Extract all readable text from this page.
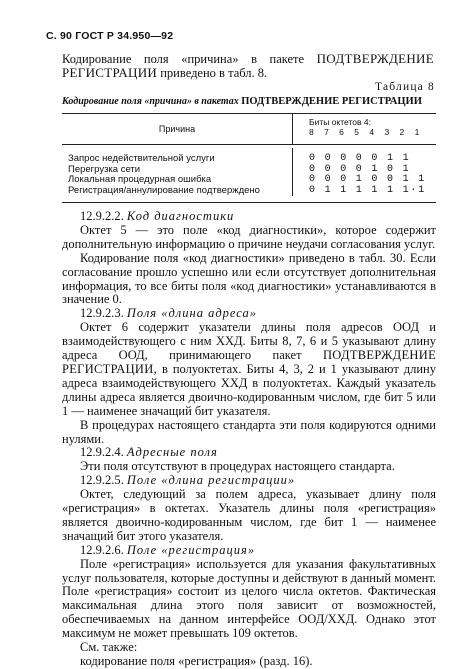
С. 90 ГОСТ Р 34.950—92
Кодирование поля «причина» в пакете ПОДТВЕРЖДЕНИЕ РЕГИСТРАЦИИ приведено в табл. 8.
Таблица 8
Кодирование поля «причина» в пакетах ПОДТВЕРЖДЕНИЕ РЕГИСТРАЦИИ
Причина
Биты октетов 4:
8 7 6 5 4 3 2 1
Запрос недействительной услуги
Перегрузка сети
Локальная процедурная ошибка
Регистрация/аннулирование подтверждено
0 0 0 0 0 1 1
0 0 0 0 1 0 1
0 0 0 1 0 0 1 1
0 1 1 1 1 1 1·1

12.9.2.2. Код диагностики

Октет 5 — это поле «код диагностики», которое содержит дополнительную информацию о причине неудачи согласования услуг.

Кодирование поля «код диагностики» приведено в табл. 30. Если согласование прошло успешно или если отсутствует дополнительная информация, то все биты поля «код диагностики» устанавливаются в значение 0.

12.9.2.3. Поля «длина адреса»

Октет 6 содержит указатели длины поля адресов ООД и взаимодействующего с ним ХХД. Биты 8, 7, 6 и 5 указывают длину адреса ООД, принимающего пакет ПОДТВЕРЖДЕНИЕ РЕГИСТРАЦИИ, в полуоктетах. Биты 4, 3, 2 и 1 указывают длину адреса взаимодействующего ХХД в полуоктетах. Каждый указатель длины адреса является двоично-кодированным числом, где бит 5 или 1 — наименее значащий бит указателя.

В процедурах настоящего стандарта эти поля кодируются одними нулями.

12.9.2.4. Адресные поля

Эти поля отсутствуют в процедурах настоящего стандарта.

12.9.2.5. Поле «длина регистрации»

Октет, следующий за полем адреса, указывает длину поля «регистрация» в октетах. Указатель длины поля «регистрация» является двоично-кодированным числом, где бит 1 — наименее значащий бит этого указателя.

12.9.2.6. Поле «регистрация»

Поле «регистрация» используется для указания факультативных услуг пользователя, которые доступны и действуют в данный момент. Поле «регистрация» состоит из целого числа октетов. Фактическая максимальная длина этого поля зависит от возможностей, обеспечиваемых на данном интерфейсе ООД/ХХД. Однако этот максимум не может превышать 109 октетов.

См. также:

кодирование поля «регистрация» (разд. 16).
